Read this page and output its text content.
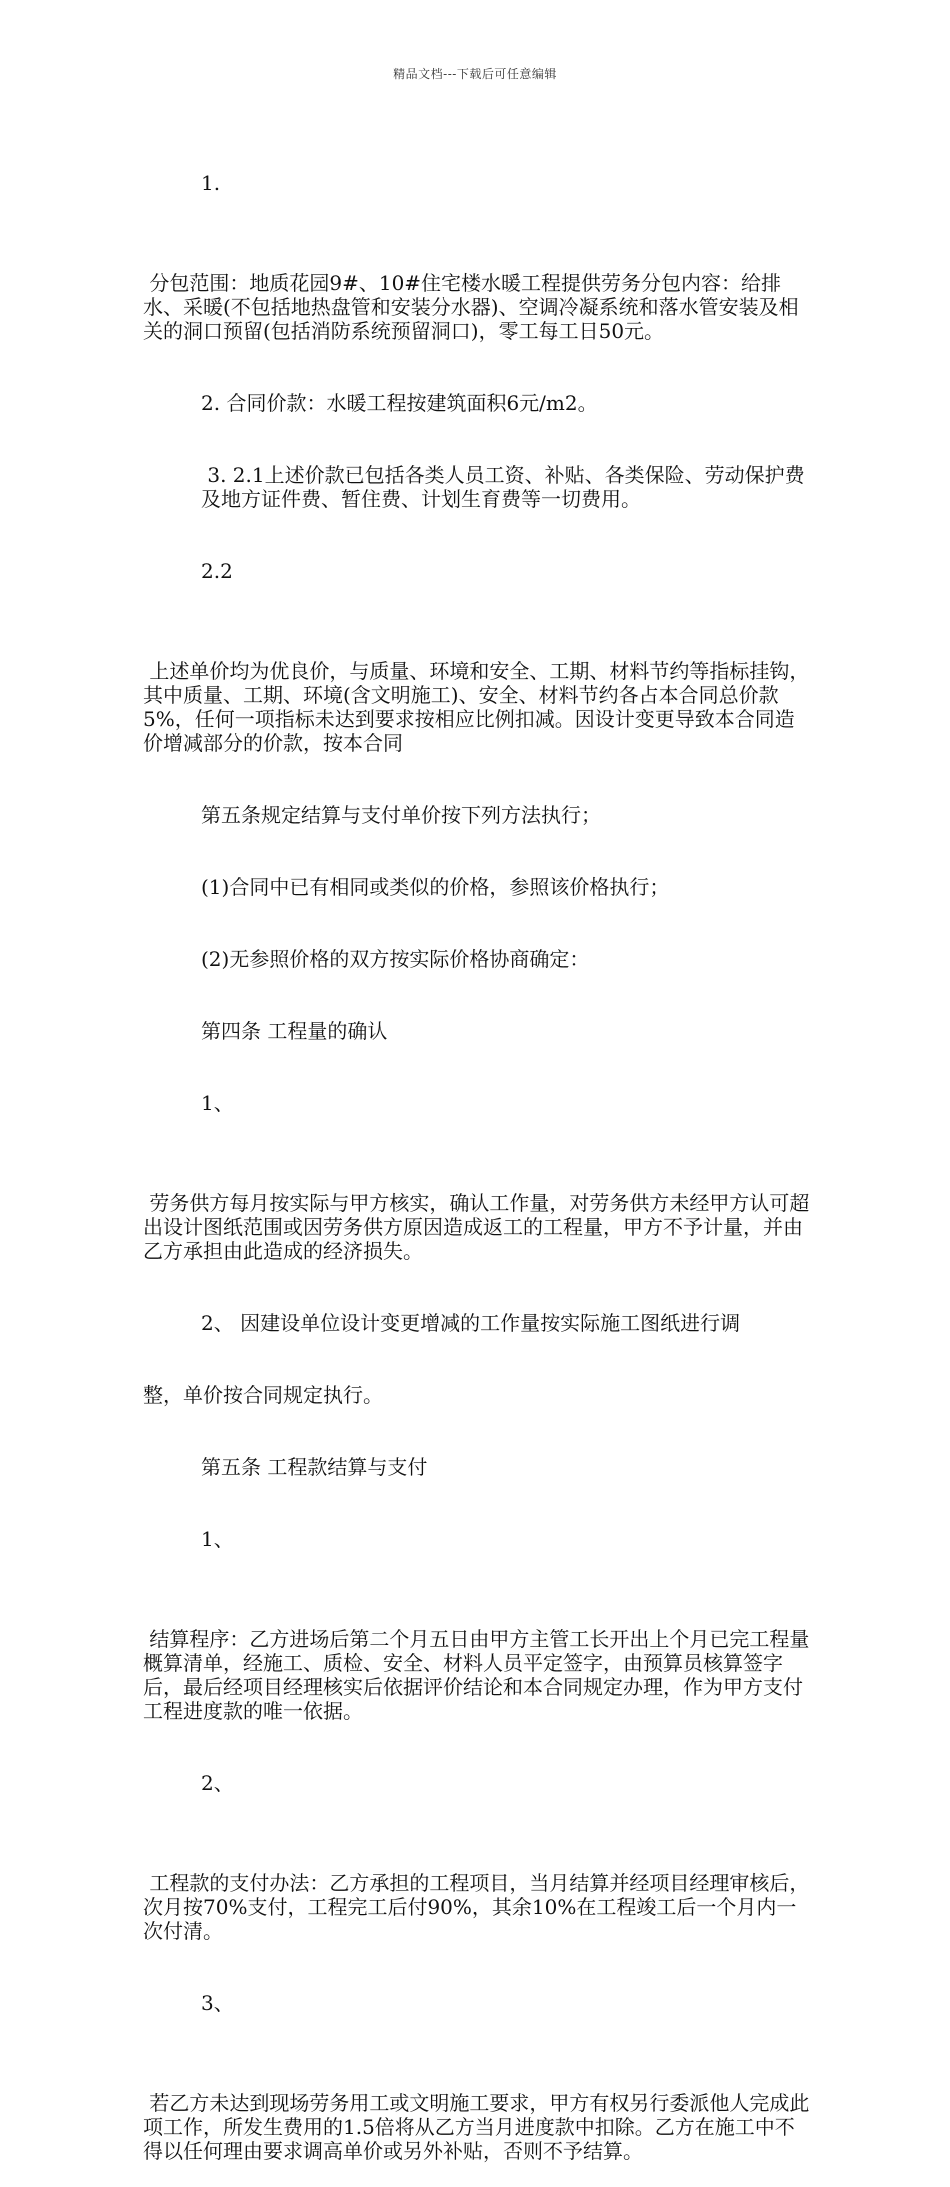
精品文档---下载后可任意编辑

1.

分包范围：地质花园9#、10#住宅楼水暖工程提供劳务分包内容：给排水、采暖(不包括地热盘管和安装分水器)、空调冷凝系统和落水管安装及相关的洞口预留(包括消防系统预留洞口)，零工每工日50元。

2. 合同价款：水暖工程按建筑面积6元/m2。

3. 2.1上述价款已包括各类人员工资、补贴、各类保险、劳动保护费及地方证件费、暂住费、计划生育费等一切费用。

2.2

上述单价均为优良价，与质量、环境和安全、工期、材料节约等指标挂钩，其中质量、工期、环境(含文明施工)、安全、材料节约各占本合同总价款5%，任何一项指标未达到要求按相应比例扣减。因设计变更导致本合同造价增减部分的价款，按本合同

第五条规定结算与支付单价按下列方法执行；

(1)合同中已有相同或类似的价格，参照该价格执行；

(2)无参照价格的双方按实际价格协商确定：

第四条 工程量的确认

1、

劳务供方每月按实际与甲方核实，确认工作量，对劳务供方未经甲方认可超出设计图纸范围或因劳务供方原因造成返工的工程量，甲方不予计量，并由乙方承担由此造成的经济损失。

2、 因建设单位设计变更增减的工作量按实际施工图纸进行调

整，单价按合同规定执行。

第五条 工程款结算与支付

1、

结算程序：乙方进场后第二个月五日由甲方主管工长开出上个月已完工程量概算清单，经施工、质检、安全、材料人员平定签字，由预算员核算签字后，最后经项目经理核实后依据评价结论和本合同规定办理，作为甲方支付工程进度款的唯一依据。

2、

工程款的支付办法：乙方承担的工程项目，当月结算并经项目经理审核后，次月按70%支付，工程完工后付90%，其余10%在工程竣工后一个月内一次付清。

3、

若乙方未达到现场劳务用工或文明施工要求，甲方有权另行委派他人完成此项工作，所发生费用的1.5倍将从乙方当月进度款中扣除。乙方在施工中不得以任何理由要求调高单价或另外补贴，否则不予结算。
